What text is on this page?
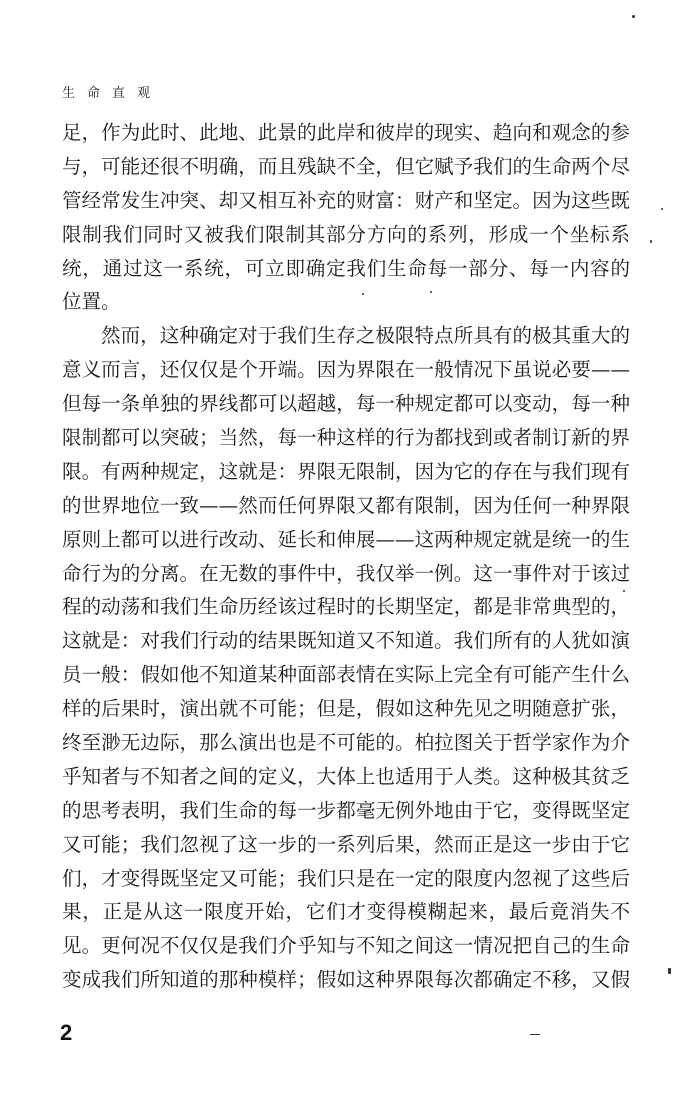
生命直观
足，作为此时、此地、此景的此岸和彼岸的现实、趋向和观念的参
与，可能还很不明确，而且残缺不全，但它赋予我们的生命两个尽
管经常发生冲突、却又相互补充的财富：财产和坚定。因为这些既
限制我们同时又被我们限制其部分方向的系列，形成一个坐标系
统，通过这一系统，可立即确定我们生命每一部分、每一内容的
位置。
然而，这种确定对于我们生存之极限特点所具有的极其重大的
意义而言，还仅仅是个开端。因为界限在一般情况下虽说必要——
但每一条单独的界线都可以超越，每一种规定都可以变动，每一种
限制都可以突破；当然，每一种这样的行为都找到或者制订新的界
限。有两种规定，这就是：界限无限制，因为它的存在与我们现有
的世界地位一致——然而任何界限又都有限制，因为任何一种界限
原则上都可以进行改动、延长和伸展——这两种规定就是统一的生
命行为的分离。在无数的事件中，我仅举一例。这一事件对于该过
程的动荡和我们生命历经该过程时的长期坚定，都是非常典型的，
这就是：对我们行动的结果既知道又不知道。我们所有的人犹如演
员一般：假如他不知道某种面部表情在实际上完全有可能产生什么
样的后果时，演出就不可能；但是，假如这种先见之明随意扩张，
终至渺无边际，那么演出也是不可能的。柏拉图关于哲学家作为介
乎知者与不知者之间的定义，大体上也适用于人类。这种极其贫乏
的思考表明，我们生命的每一步都毫无例外地由于它，变得既坚定
又可能；我们忽视了这一步的一系列后果，然而正是这一步由于它
们，才变得既坚定又可能；我们只是在一定的限度内忽视了这些后
果，正是从这一限度开始，它们才变得模糊起来，最后竟消失不
见。更何况不仅仅是我们介乎知与不知之间这一情况把自己的生命
变成我们所知道的那种模样；假如这种界限每次都确定不移，又假
2
